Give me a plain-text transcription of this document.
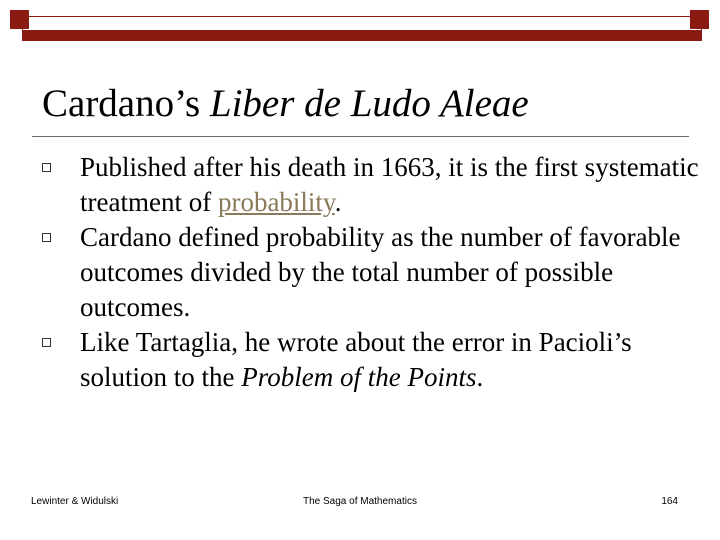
Cardano’s Liber de Ludo Aleae
Published after his death in 1663, it is the first systematic treatment of probability.
Cardano defined probability as the number of favorable outcomes divided by the total number of possible outcomes.
Like Tartaglia, he wrote about the error in Pacioli’s solution to the Problem of the Points.
Lewinter & Widulski	The Saga of Mathematics	164
